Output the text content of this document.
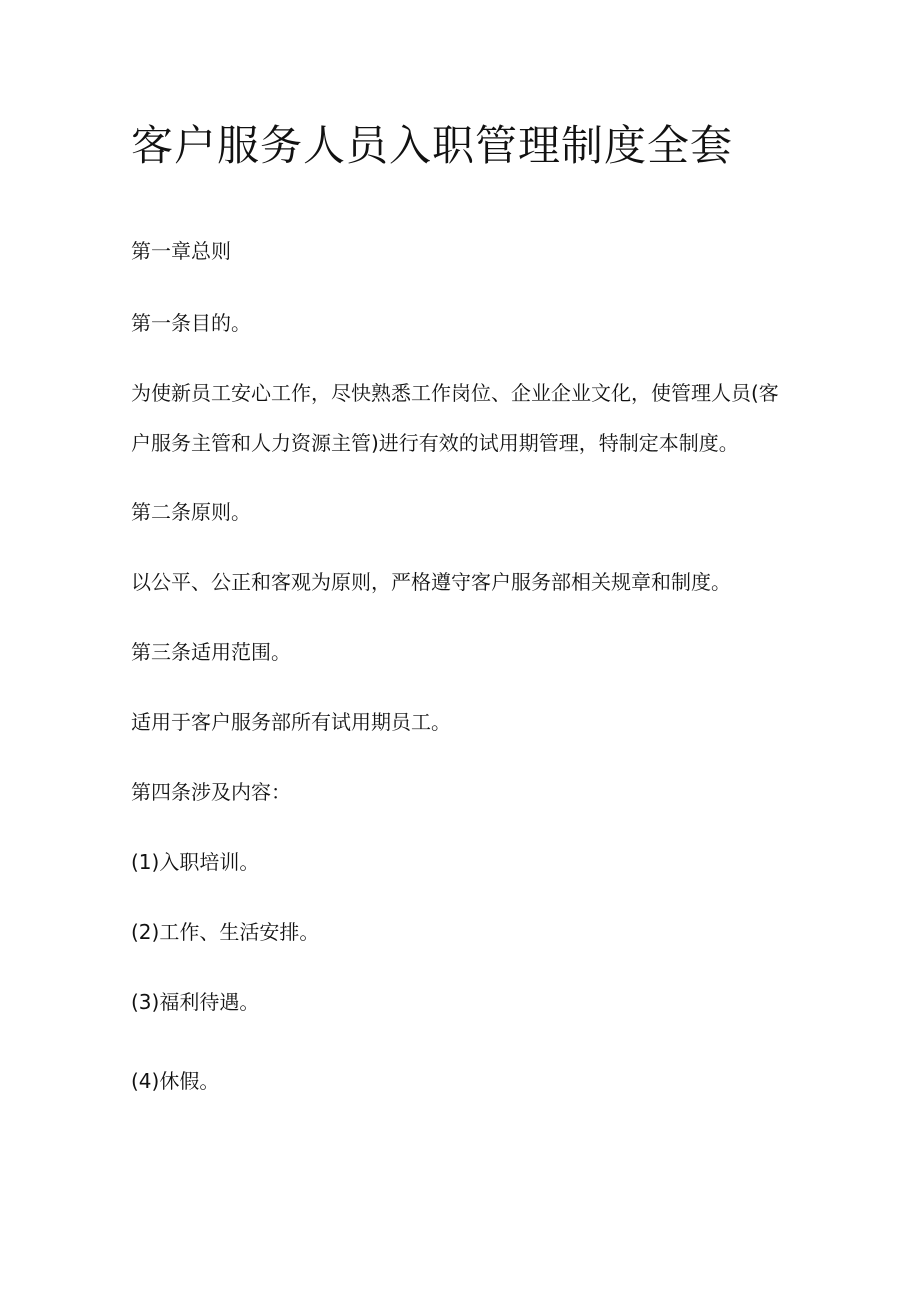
客户服务人员入职管理制度全套

第一章总则

第一条目的。

为使新员工安心工作，尽快熟悉工作岗位、企业企业文化，使管理人员(客
户服务主管和人力资源主管)进行有效的试用期管理，特制定本制度。

第二条原则。

以公平、公正和客观为原则，严格遵守客户服务部相关规章和制度。

第三条适用范围。

适用于客户服务部所有试用期员工。

第四条涉及内容：

(1)入职培训。

(2)工作、生活安排。

(3)福利待遇。

(4)休假。
